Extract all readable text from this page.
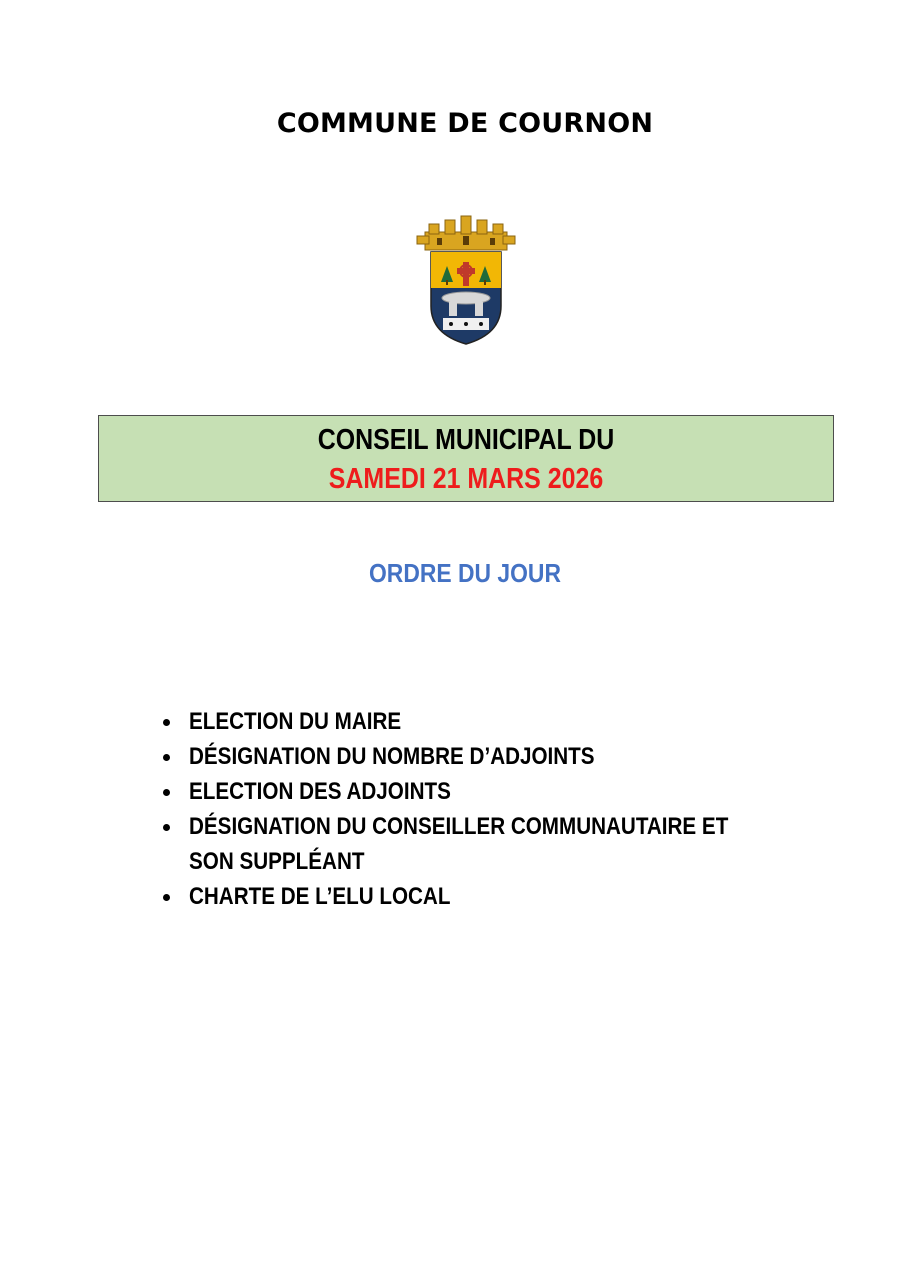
COMMUNE DE COURNON
CONSEIL MUNICIPAL DU
SAMEDI 21 MARS 2026
ORDRE DU JOUR
ELECTION DU MAIRE
DÉSIGNATION DU NOMBRE D’ADJOINTS
ELECTION DES ADJOINTS
DÉSIGNATION DU CONSEILLER COMMUNAUTAIRE ET
SON SUPPLÉANT
CHARTE DE L’ELU LOCAL
